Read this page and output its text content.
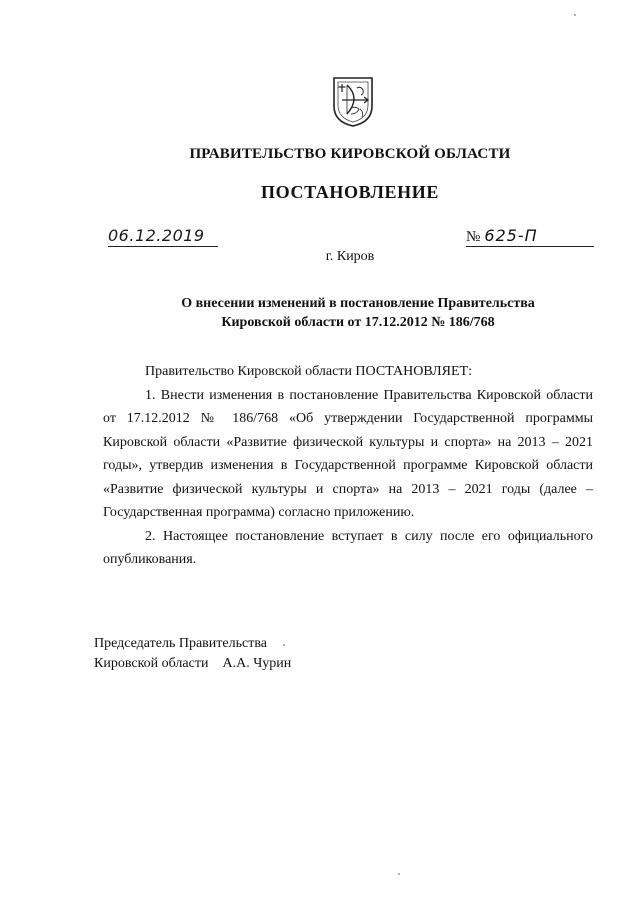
ПРАВИТЕЛЬСТВО КИРОВСКОЙ ОБЛАСТИ
ПОСТАНОВЛЕНИЕ
06.12.2019	№ 625-П
г. Киров
О внесении изменений в постановление Правительства
Кировской области от 17.12.2012 № 186/768

Правительство Кировской области ПОСТАНОВЛЯЕТ:

1. Внести изменения в постановление Правительства Кировской области от 17.12.2012 № 186/768 «Об утверждении Государственной программы Кировской области «Развитие физической культуры и спорта» на 2013 – 2021 годы», утвердив изменения в Государственной программе Кировской области «Развитие физической культуры и спорта» на 2013 – 2021 годы (далее – Государственная программа) согласно приложению.

2. Настоящее постановление вступает в силу после его официального опубликования.

Председатель Правительства
Кировской области А.А. Чурин
